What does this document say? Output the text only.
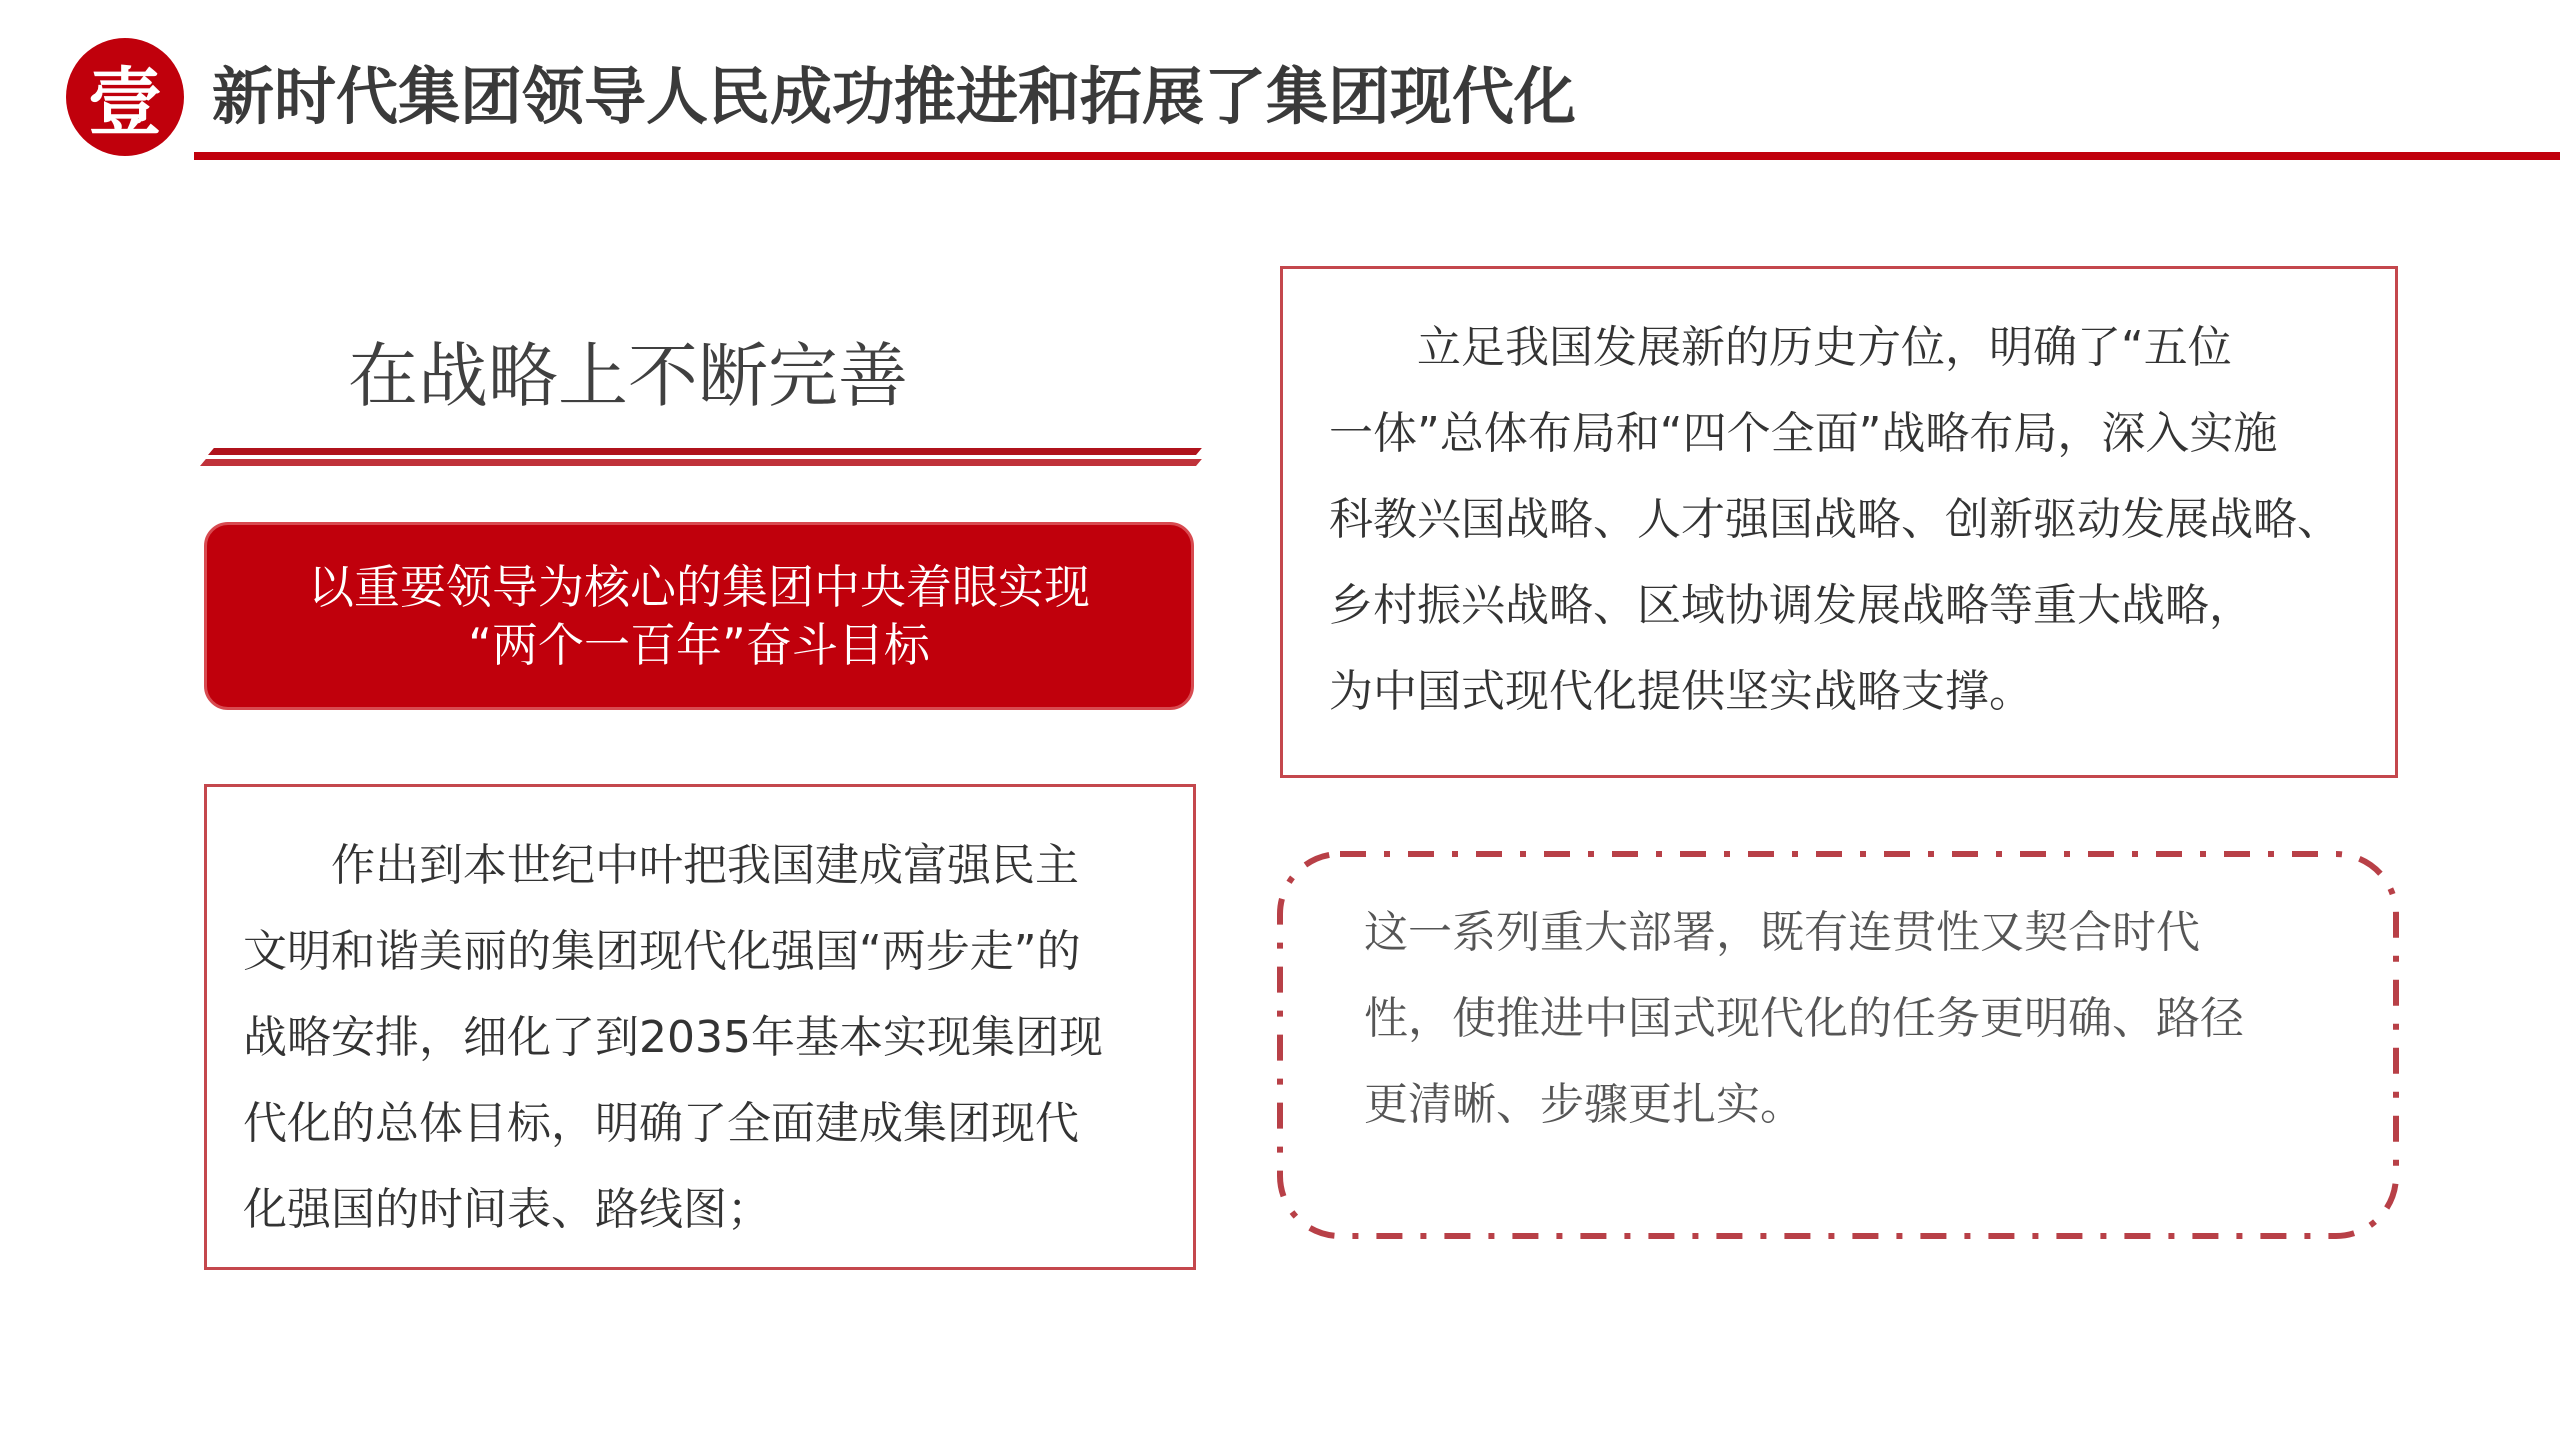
壹 新时代集团领导人民成功推进和拓展了集团现代化
在战略上不断完善
以重要领导为核心的集团中央着眼实现
“两个一百年”奋斗目标
作出到本世纪中叶把我国建成富强民主
文明和谐美丽的集团现代化强国“两步走”的
战略安排，细化了到2035年基本实现集团现
代化的总体目标，明确了全面建成集团现代
化强国的时间表、路线图；
立足我国发展新的历史方位，明确了“五位
一体”总体布局和“四个全面”战略布局，深入实施
科教兴国战略、人才强国战略、创新驱动发展战略、
乡村振兴战略、区域协调发展战略等重大战略，
为中国式现代化提供坚实战略支撑。
这一系列重大部署，既有连贯性又契合时代
性，使推进中国式现代化的任务更明确、路径
更清晰、步骤更扎实。
